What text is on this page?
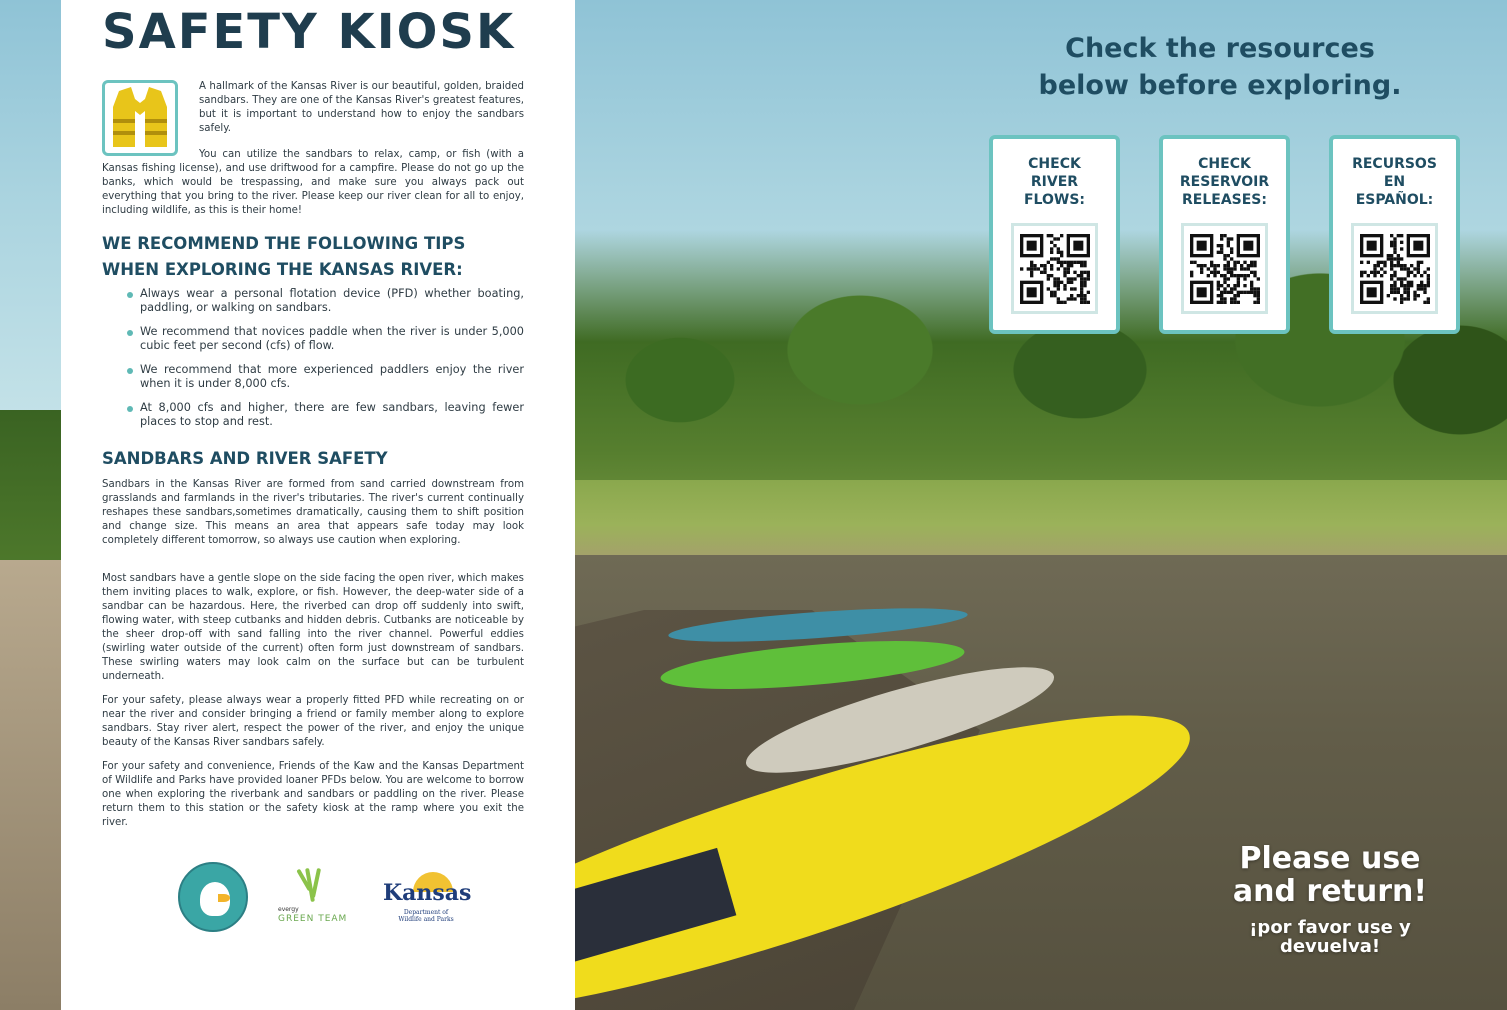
SAFETY KIOSK

A hallmark of the Kansas River is our beautiful, golden, braided sandbars. They are one of the Kansas River's greatest features, but it is important to understand how to enjoy the sandbars safely.

You can utilize the sandbars to relax, camp, or fish (with a Kansas fishing license), and use driftwood for a campfire. Please do not go up the banks, which would be trespassing, and make sure you always pack out everything that you bring to the river. Please keep our river clean for all to enjoy, including wildlife, as this is their home!

WE RECOMMEND THE FOLLOWING TIPS
WHEN EXPLORING THE KANSAS RIVER:
Always wear a personal flotation device (PFD) whether boating, paddling, or walking on sandbars.
We recommend that novices paddle when the river is under 5,000 cubic feet per second (cfs) of flow.
We recommend that more experienced paddlers enjoy the river when it is under 8,000 cfs.
At 8,000 cfs and higher, there are few sandbars, leaving fewer places to stop and rest.
SANDBARS AND RIVER SAFETY

Sandbars in the Kansas River are formed from sand carried downstream from grasslands and farmlands in the river's tributaries. The river's current continually reshapes these sandbars,sometimes dramatically, causing them to shift position and change size. This means an area that appears safe today may look completely different tomorrow, so always use caution when exploring.

Most sandbars have a gentle slope on the side facing the open river, which makes them inviting places to walk, explore, or fish. However, the deep-water side of a sandbar can be hazardous. Here, the riverbed can drop off suddenly into swift, flowing water, with steep cutbanks and hidden debris. Cutbanks are noticeable by the sheer drop-off with sand falling into the river channel. Powerful eddies (swirling water outside of the current) often form just downstream of sandbars. These swirling waters may look calm on the surface but can be turbulent underneath.

For your safety, please always wear a properly fitted PFD while recreating on or near the river and consider bringing a friend or family member along to explore sandbars. Stay river alert, respect the power of the river, and enjoy the unique beauty of the Kansas River sandbars safely.

For your safety and convenience, Friends of the Kaw and the Kansas Department of Wildlife and Parks have provided loaner PFDs below. You are welcome to borrow one when exploring the riverbank and sandbars or paddling on the river. Please return them to this station or the safety kiosk at the ramp where you exit the river.

evergy
GREEN TEAM
Kansas
Department of Wildlife and Parks
Check the resources
below before exploring.
CHECK
RIVER
FLOWS:
CHECK
RESERVOIR
RELEASES:
RECURSOS
EN
ESPAÑOL:
Please use
and return!
¡por favor use y
devuelva!
